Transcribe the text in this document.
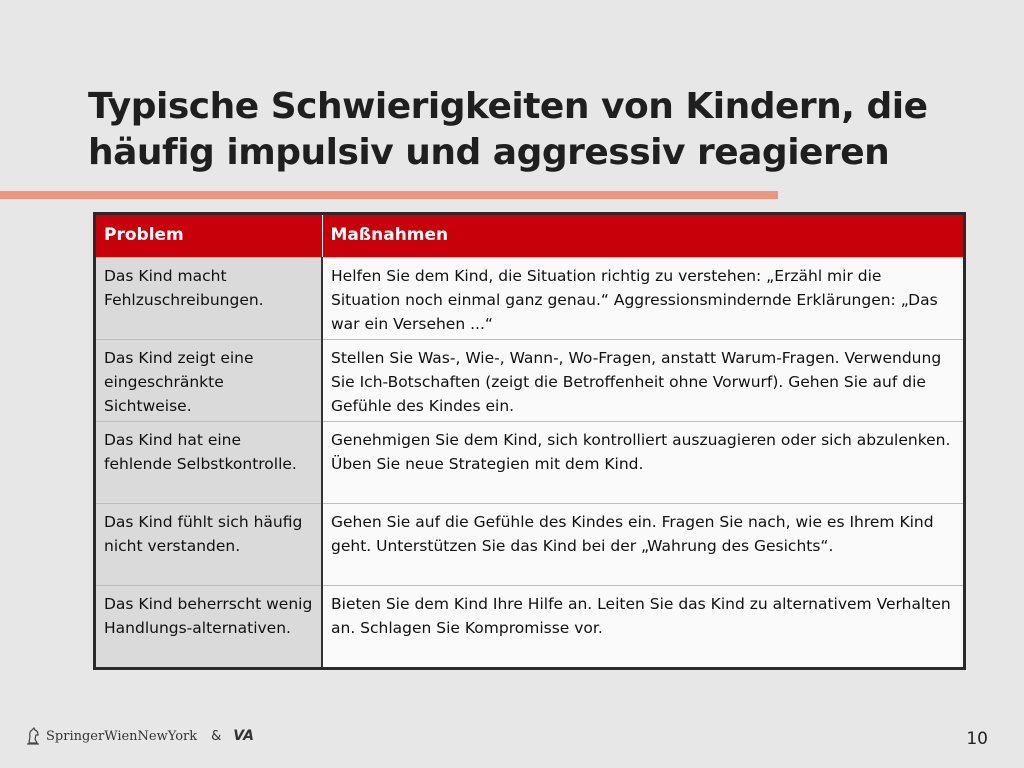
Typische Schwierigkeiten von Kindern, die
häufig impulsiv und aggressiv reagieren
Problem	Maßnahmen
Das Kind macht Fehlzuschreibungen.	Helfen Sie dem Kind, die Situation richtig zu verstehen: „Erzähl mir die Situation noch einmal ganz genau.“ Aggressionsmindernde Erklärungen: „Das war ein Versehen ...“
Das Kind zeigt eine eingeschränkte Sichtweise.	Stellen Sie Was-, Wie-, Wann-, Wo-Fragen, anstatt Warum-Fragen. Verwendung Sie Ich-Botschaften (zeigt die Betroffenheit ohne Vorwurf). Gehen Sie auf die Gefühle des Kindes ein.
Das Kind hat eine fehlende Selbstkontrolle.	Genehmigen Sie dem Kind, sich kontrolliert auszuagieren oder sich abzulenken. Üben Sie neue Strategien mit dem Kind.
Das Kind fühlt sich häufig nicht verstanden.	Gehen Sie auf die Gefühle des Kindes ein. Fragen Sie nach, wie es Ihrem Kind geht. Unterstützen Sie das Kind bei der „Wahrung des Gesichts“.
Das Kind beherrscht wenig Handlungs-alternativen.	Bieten Sie dem Kind Ihre Hilfe an. Leiten Sie das Kind zu alternativem Verhalten an. Schlagen Sie Kompromisse vor.
SpringerWienNewYork & VA	10
